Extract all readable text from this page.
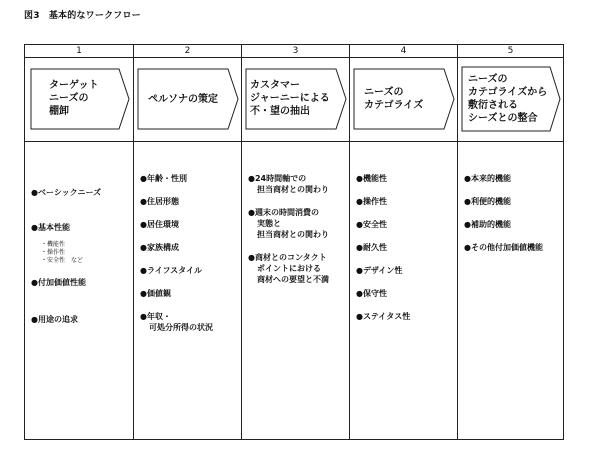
図3　基本的なワークフロー
1
ターゲット
ニーズの
棚卸
●ベーシックニーズ
●基本性能
・機能性
・操作性
・安全性　など
●付加価値性能
●用途の追求
2
ペルソナの策定
●年齢・性別
●住居形態
●居住環境
●家族構成
●ライフスタイル
●価値観
●年収・
可処分所得の状況
3
カスタマー
ジャーニーによる
不・望の抽出
●24時間軸での
担当商材との関わり
●週末の時間消費の
実態と
担当商材との関わり
●商材とのコンタクト
ポイントにおける
商材への要望と不満
4
ニーズの
カテゴライズ
●機能性
●操作性
●安全性
●耐久性
●デザイン性
●保守性
●ステイタス性
5
ニーズの
カテゴライズから
敷衍される
シーズとの整合
●本来的機能
●利便的機能
●補助的機能
●その他付加価値機能
